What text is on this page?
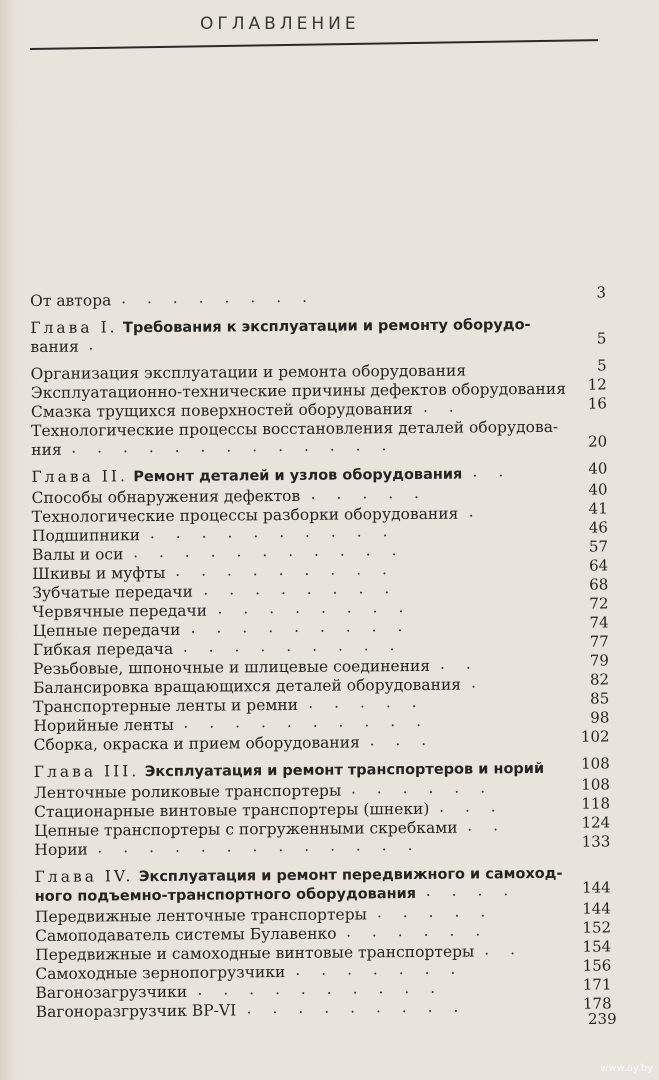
ОГЛАВЛЕНИЕ
От автора . . . . . . . .	3
Глава I. Требования к эксплуатации и ремонту оборудо-
вания .	5
Организация эксплуатации и ремонта оборудования	5
Эксплуатационно-технические причины дефектов оборудования 12
Смазка трущихся поверхностей оборудования . .	16
Технологические процессы восстановления деталей оборудова-
ния . . . . . . . . . . . . .	20
Глава II. Ремонт деталей и узлов оборудования . .	40
Способы обнаружения дефектов . . . . .	40
Технологические процессы разборки оборудования .	41
Подшипники . . . . . . . . . .	46
Валы и оси . . . . . . . . . . .	57
Шкивы и муфты . . . . . . . . .	64
Зубчатые передачи . . . . . . . .	68
Червячные передачи . . . . . . . .	72
Цепные передачи . . . . . . . . .	74
Гибкая передача . . . . . . . . .	77
Резьбовые, шпоночные и шлицевые соединения . .	79
Балансировка вращающихся деталей оборудования .	82
Транспортерные ленты и ремни . . . . .	85
Норийные ленты . . . . . . . . . .	98
Сборка, окраска и прием оборудования . . .	102
Глава III. Эксплуатация и ремонт транспортеров и норий 108
Ленточные роликовые транспортеры . . . . . .	108
Стационарные винтовые транспортеры (шнеки) . . .	118
Цепные транспортеры с погруженными скребками . .	124
Нории . . . . . . . . . . . . .	133
Глава IV. Эксплуатация и ремонт передвижного и самоход-
ного подъемно-транспортного оборудования . . . .	144
Передвижные ленточные транспортеры . . . . .	144
Самоподаватель системы Булавенко . . . . . .	152
Передвижные и самоходные винтовые транспортеры . .	154
Самоходные зернопогрузчики . . . . . . .	156
Вагонозагрузчики . . . . . . . . . .	171
Вагоноразгрузчик ВР-VI . . . . . . . . .	178
239
www.ay.by
